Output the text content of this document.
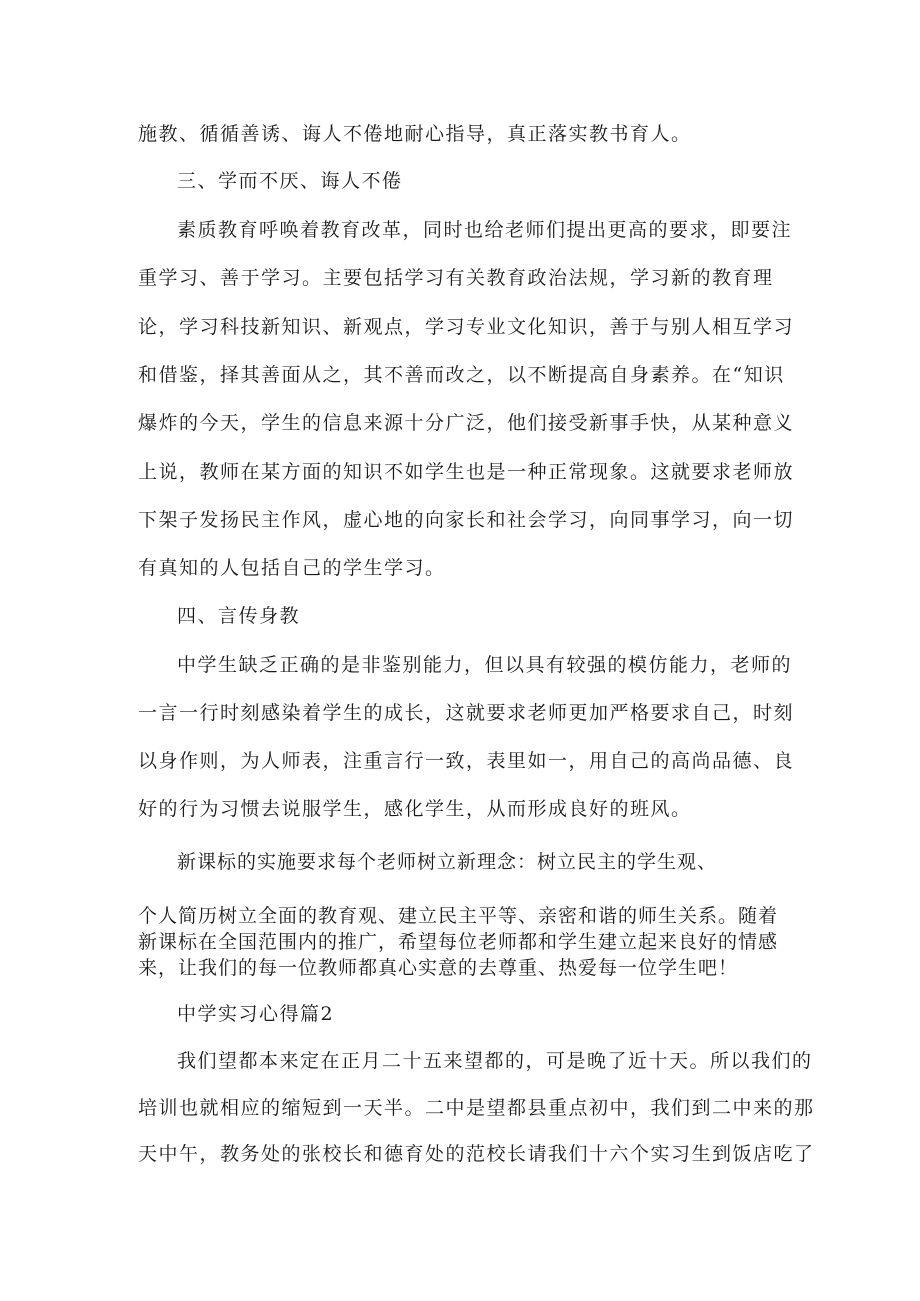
施教、循循善诱、诲人不倦地耐心指导，真正落实教书育人。
三、学而不厌、诲人不倦
素质教育呼唤着教育改革，同时也给老师们提出更高的要求，即要注
重学习、善于学习。主要包括学习有关教育政治法规，学习新的教育理
论，学习科技新知识、新观点，学习专业文化知识，善于与别人相互学习
和借鉴，择其善面从之，其不善而改之，以不断提高自身素养。在“知识
爆炸的今天，学生的信息来源十分广泛，他们接受新事手快，从某种意义
上说，教师在某方面的知识不如学生也是一种正常现象。这就要求老师放
下架子发扬民主作风，虚心地的向家长和社会学习，向同事学习，向一切
有真知的人包括自己的学生学习。
四、言传身教
中学生缺乏正确的是非鉴别能力，但以具有较强的模仿能力，老师的
一言一行时刻感染着学生的成长，这就要求老师更加严格要求自己，时刻
以身作则，为人师表，注重言行一致，表里如一，用自己的高尚品德、良
好的行为习惯去说服学生，感化学生，从而形成良好的班风。
新课标的实施要求每个老师树立新理念：树立民主的学生观、
个人简历树立全面的教育观、建立民主平等、亲密和谐的师生关系。随着
新课标在全国范围内的推广，希望每位老师都和学生建立起来良好的情感
来，让我们的每一位教师都真心实意的去尊重、热爱每一位学生吧！
中学实习心得篇2
我们望都本来定在正月二十五来望都的，可是晚了近十天。所以我们的
培训也就相应的缩短到一天半。二中是望都县重点初中，我们到二中来的那
天中午，教务处的张校长和德育处的范校长请我们十六个实习生到饭店吃了
